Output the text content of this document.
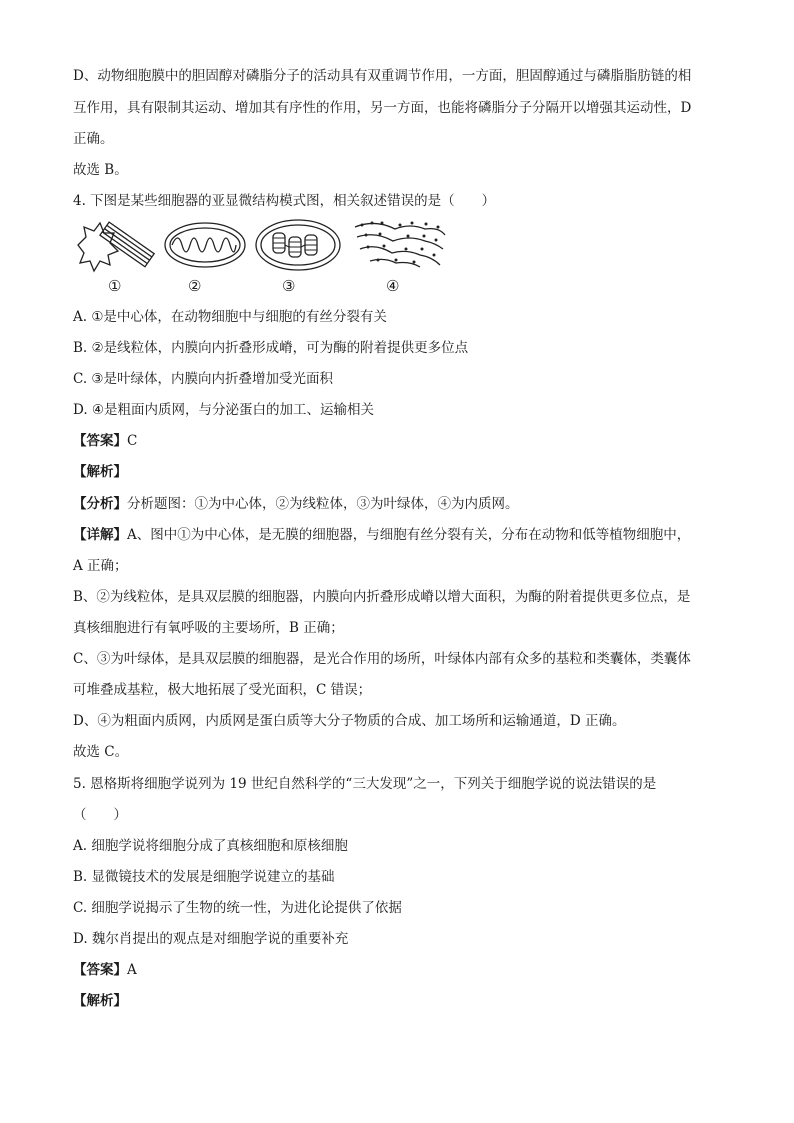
D、动物细胞膜中的胆固醇对磷脂分子的活动具有双重调节作用，一方面，胆固醇通过与磷脂脂肪链的相
互作用，具有限制其运动、增加其有序性的作用，另一方面，也能将磷脂分子分隔开以增强其运动性，D
正确。
故选 B。
4. 下图是某些细胞器的亚显微结构模式图，相关叙述错误的是（　　）
①	②	③	④
A. ①是中心体，在动物细胞中与细胞的有丝分裂有关
B. ②是线粒体，内膜向内折叠形成嵴，可为酶的附着提供更多位点
C. ③是叶绿体，内膜向内折叠增加受光面积
D. ④是粗面内质网，与分泌蛋白的加工、运输相关
【答案】C
【解析】
【分析】分析题图：①为中心体，②为线粒体，③为叶绿体，④为内质网。
【详解】A、图中①为中心体，是无膜的细胞器，与细胞有丝分裂有关，分布在动物和低等植物细胞中，
A 正确；
B、②为线粒体，是具双层膜的细胞器，内膜向内折叠形成嵴以增大面积，为酶的附着提供更多位点，是
真核细胞进行有氧呼吸的主要场所，B 正确；
C、③为叶绿体，是具双层膜的细胞器，是光合作用的场所，叶绿体内部有众多的基粒和类囊体，类囊体
可堆叠成基粒，极大地拓展了受光面积，C 错误；
D、④为粗面内质网，内质网是蛋白质等大分子物质的合成、加工场所和运输通道，D 正确。
故选 C。
5. 恩格斯将细胞学说列为 19 世纪自然科学的“三大发现”之一，下列关于细胞学说的说法错误的是
（　　）
A. 细胞学说将细胞分成了真核细胞和原核细胞
B. 显微镜技术的发展是细胞学说建立的基础
C. 细胞学说揭示了生物的统一性，为进化论提供了依据
D. 魏尔肖提出的观点是对细胞学说的重要补充
【答案】A
【解析】
